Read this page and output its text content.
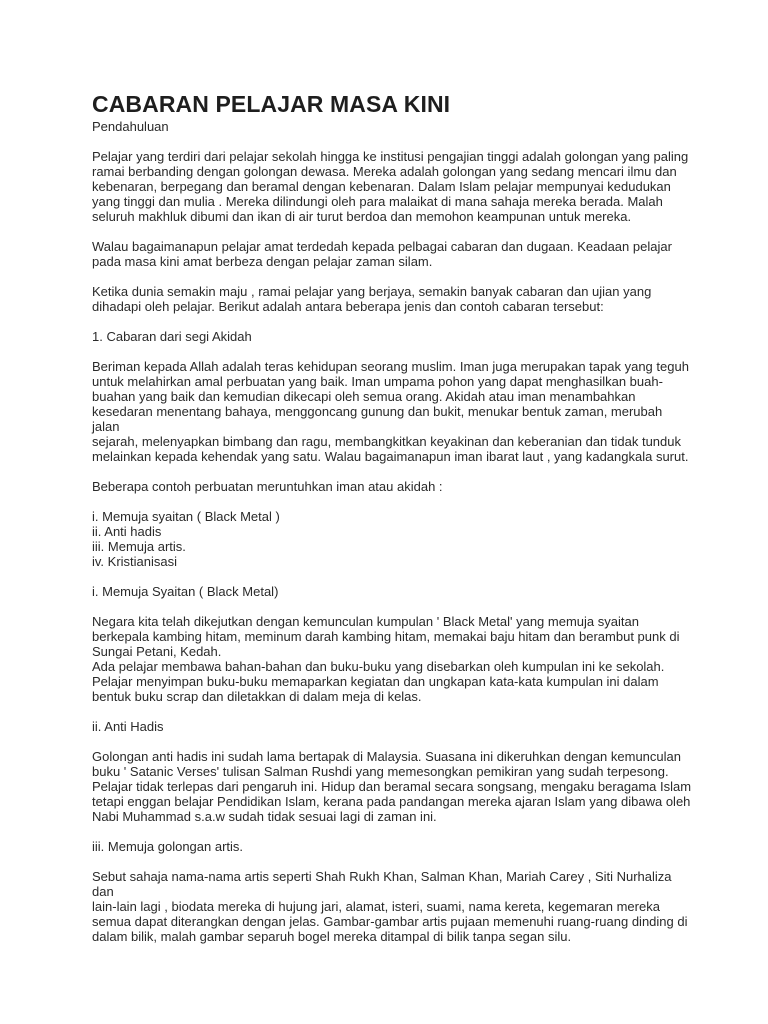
CABARAN PELAJAR MASA KINI
Pendahuluan

Pelajar yang terdiri dari pelajar sekolah hingga ke institusi pengajian tinggi adalah golongan yang paling
ramai berbanding dengan golongan dewasa. Mereka adalah golongan yang sedang mencari ilmu dan
kebenaran, berpegang dan beramal dengan kebenaran. Dalam Islam pelajar mempunyai kedudukan
yang tinggi dan mulia . Mereka dilindungi oleh para malaikat di mana sahaja mereka berada. Malah
seluruh makhluk dibumi dan ikan di air turut berdoa dan memohon keampunan untuk mereka.

Walau bagaimanapun pelajar amat terdedah kepada pelbagai cabaran dan dugaan. Keadaan pelajar
pada masa kini amat berbeza dengan pelajar zaman silam.

Ketika dunia semakin maju , ramai pelajar yang berjaya, semakin banyak cabaran dan ujian yang
dihadapi oleh pelajar. Berikut adalah antara beberapa jenis dan contoh cabaran tersebut:

1. Cabaran dari segi Akidah

Beriman kepada Allah adalah teras kehidupan seorang muslim. Iman juga merupakan tapak yang teguh
untuk melahirkan amal perbuatan yang baik. Iman umpama pohon yang dapat menghasilkan buah-
buahan yang baik dan kemudian dikecapi oleh semua orang. Akidah atau iman menambahkan
kesedaran menentang bahaya, menggoncang gunung dan bukit, menukar bentuk zaman, merubah jalan
sejarah, melenyapkan bimbang dan ragu, membangkitkan keyakinan dan keberanian dan tidak tunduk
melainkan kepada kehendak yang satu. Walau bagaimanapun iman ibarat laut , yang kadangkala surut.

Beberapa contoh perbuatan meruntuhkan iman atau akidah :

i. Memuja syaitan ( Black Metal )
ii. Anti hadis
iii. Memuja artis.
iv. Kristianisasi

i. Memuja Syaitan ( Black Metal)

Negara kita telah dikejutkan dengan kemunculan kumpulan ' Black Metal' yang memuja syaitan
berkepala kambing hitam, meminum darah kambing hitam, memakai baju hitam dan berambut punk di
Sungai Petani, Kedah.
Ada pelajar membawa bahan-bahan dan buku-buku yang disebarkan oleh kumpulan ini ke sekolah.
Pelajar menyimpan buku-buku memaparkan kegiatan dan ungkapan kata-kata kumpulan ini dalam
bentuk buku scrap dan diletakkan di dalam meja di kelas.

ii. Anti Hadis

Golongan anti hadis ini sudah lama bertapak di Malaysia. Suasana ini dikeruhkan dengan kemunculan
buku ' Satanic Verses' tulisan Salman Rushdi yang memesongkan pemikiran yang sudah terpesong.
Pelajar tidak terlepas dari pengaruh ini. Hidup dan beramal secara songsang, mengaku beragama Islam
tetapi enggan belajar Pendidikan Islam, kerana pada pandangan mereka ajaran Islam yang dibawa oleh
Nabi Muhammad s.a.w sudah tidak sesuai lagi di zaman ini.

iii. Memuja golongan artis.

Sebut sahaja nama-nama artis seperti Shah Rukh Khan, Salman Khan, Mariah Carey , Siti Nurhaliza dan
lain-lain lagi , biodata mereka di hujung jari, alamat, isteri, suami, nama kereta, kegemaran mereka
semua dapat diterangkan dengan jelas. Gambar-gambar artis pujaan memenuhi ruang-ruang dinding di
dalam bilik, malah gambar separuh bogel mereka ditampal di bilik tanpa segan silu.
